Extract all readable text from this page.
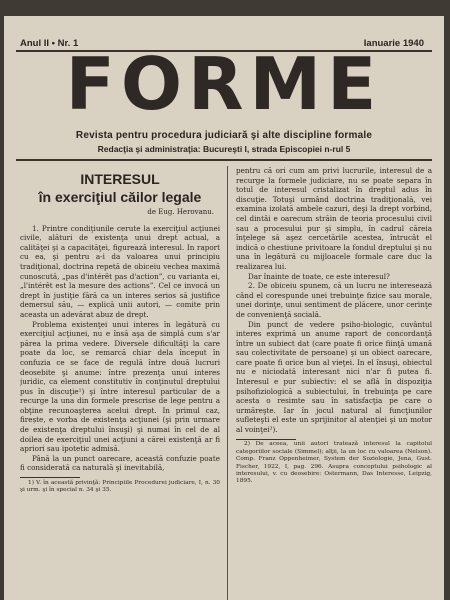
Anul II • Nr. 1	Ianuarie 1940
FORME
Revista pentru procedura judiciară şi alte discipline formale
Redacţia şi administraţia: Bucureşti I, strada Episcopiei n-rul 5
INTERESUL
în exerciţiul căilor legale
de Eug. Herovanu.

1. Printre condiţiunile cerute la exerciţiul acţiunei civile, alături de existenţa unui drept actual, a calităţei şi a capacităţei, figurează interesul. In raport cu ea, şi pentru a-i da valoarea unui principiu tradiţional, doctrina repetă de obiceiu vechea maximă cunoscută, „pas d'intérêt pas d'action”, cu varianta ei, „l'intérêt est la mesure des actions”. Cel ce invocă un drept în justiţie fără ca un interes serios să justifice demersul său, — explică unii autori, — comite prin aceasta un adevărat abuz de drept.

Problema existenţei unui interes în legătură cu exerciţiul acţiunei, nu e însă aşa de simplă cum s'ar părea la prima vedere. Diversele dificultăţi la care poate da loc, se remarcă chiar dela început în confuzia ce se face de regulă între două lucruri deosebite şi anume: între prezenţa unui interes juridic, ca element constitutiv în conţinutul dreptului pus în discuţie¹) şi între interesul particular de a recurge la una din formele prescrise de lege pentru a obţine recunoaşterea acelui drept. In primul caz, firește, e vorba de existenţa acţiunei (şi prin urmare de existenţa dreptului însuşi) şi numai în cel de al doilea de exerciţiul unei acţiuni a cărei existenţă ar fi apriori sau ipotetic admisă.

Până la un punct oarecare, această confuzie poate fi considerată ca naturală şi inevitabilă,

1) V. în această privinţă: Principiile Procedurei judiciare, I, n. 30 şi urm. şi în special n. 34 şi 35.

pentru că ori cum am privi lucrurile, interesul de a recurge la formele judiciare, nu se poate separa în totul de interesul cristalizat în dreptul adus în discuţie. Totuşi urmând doctrina tradiţională, vei examina izolată ambele cazuri, deşi la drept vorbind, cel dintâi e oarecum străin de teoria procesului civil sau a procesului pur şi simplu, în cadrul căreia înţelege să aşez cercetările acestea, întrucât el indică o chestiune privitoare la fondul dreptului şi nu una în legătură cu mijloacele formale care duc la realizarea lui.

Dar înainte de toate, ce este interesul?

2. De obiceiu spunem, că un lucru ne interesează când el corespunde unei trebuinţe fizice sau morale, unei dorinţe, unui sentiment de plăcere, unor cerinţe de convenienţă socială.

Din punct de vedere psiho-biologic, cuvântul interes exprimă un anume raport de concordanţă între un subiect dat (care poate fi orice fiinţă umană sau colectivitate de persoane) şi un obiect oarecare, care poate fi orice bun al vieţei. In el însuşi, obiectul nu e niciodată interesant nici n'ar fi putea fi. Interesul e pur subiectiv: el se află în dispoziţia psihofiziologică a subiectului, în trebuinţa pe care acesta o resimte sau în satisfacţia pe care o urmăreşte. Iar în jocul natural al funcţiunilor sufleteşti el este un sprijinitor al atenţiei şi un motor al voinţei²).

2) De aceea, unii autori tratează interesul la capitolul categoriilor sociale (Simmel); alţii, la un loc cu valoarea (Nelson). Comp. Franz Oppenheimer, System der Soziologie, Jena, Gust. Fischer, 1922, I, pag. 296. Asupra conceptului psihologic al interesului, v. cu deosebire: Ostermann, Das Interesse, Leipzig, 1895.
